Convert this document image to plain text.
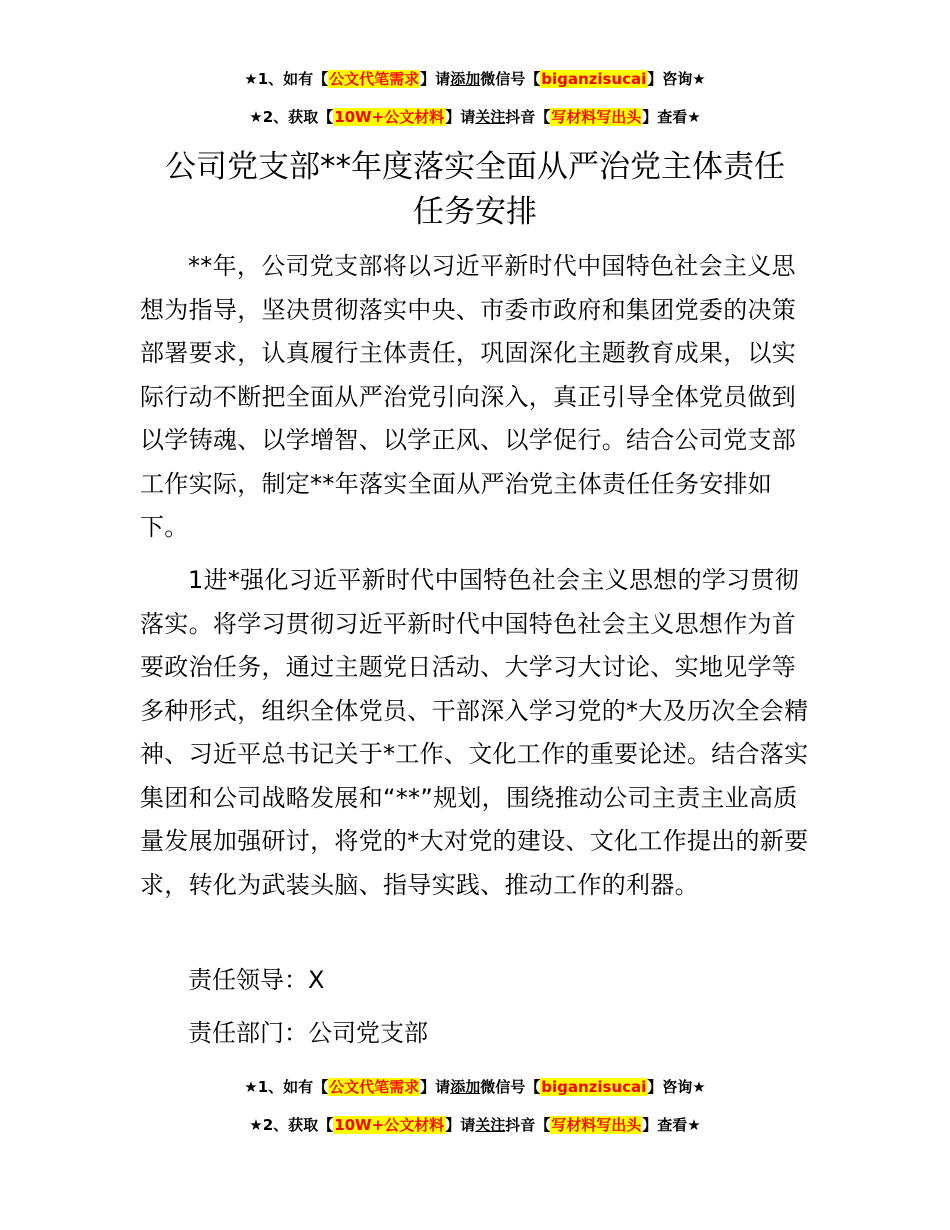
★1、如有【公文代笔需求】请添加微信号【biganzisucai】咨询★
★2、获取【10W+公文材料】请关注抖音【写材料写出头】查看★
公司党支部**年度落实全面从严治党主体责任
任务安排

**年，公司党支部将以习近平新时代中国特色社会主义思想为指导，坚决贯彻落实中央、市委市政府和集团党委的决策部署要求，认真履行主体责任，巩固深化主题教育成果，以实际行动不断把全面从严治党引向深入，真正引导全体党员做到以学铸魂、以学增智、以学正风、以学促行。结合公司党支部工作实际，制定**年落实全面从严治党主体责任任务安排如下。

1进*强化习近平新时代中国特色社会主义思想的学习贯彻落实。将学习贯彻习近平新时代中国特色社会主义思想作为首要政治任务，通过主题党日活动、大学习大讨论、实地见学等多种形式，组织全体党员、干部深入学习党的*大及历次全会精神、习近平总书记关于*工作、文化工作的重要论述。结合落实集团和公司战略发展和“**”规划，围绕推动公司主责主业高质量发展加强研讨，将党的*大对党的建设、文化工作提出的新要求，转化为武装头脑、指导实践、推动工作的利器。

责任领导：X

责任部门：公司党支部

★1、如有【公文代笔需求】请添加微信号【biganzisucai】咨询★
★2、获取【10W+公文材料】请关注抖音【写材料写出头】查看★
